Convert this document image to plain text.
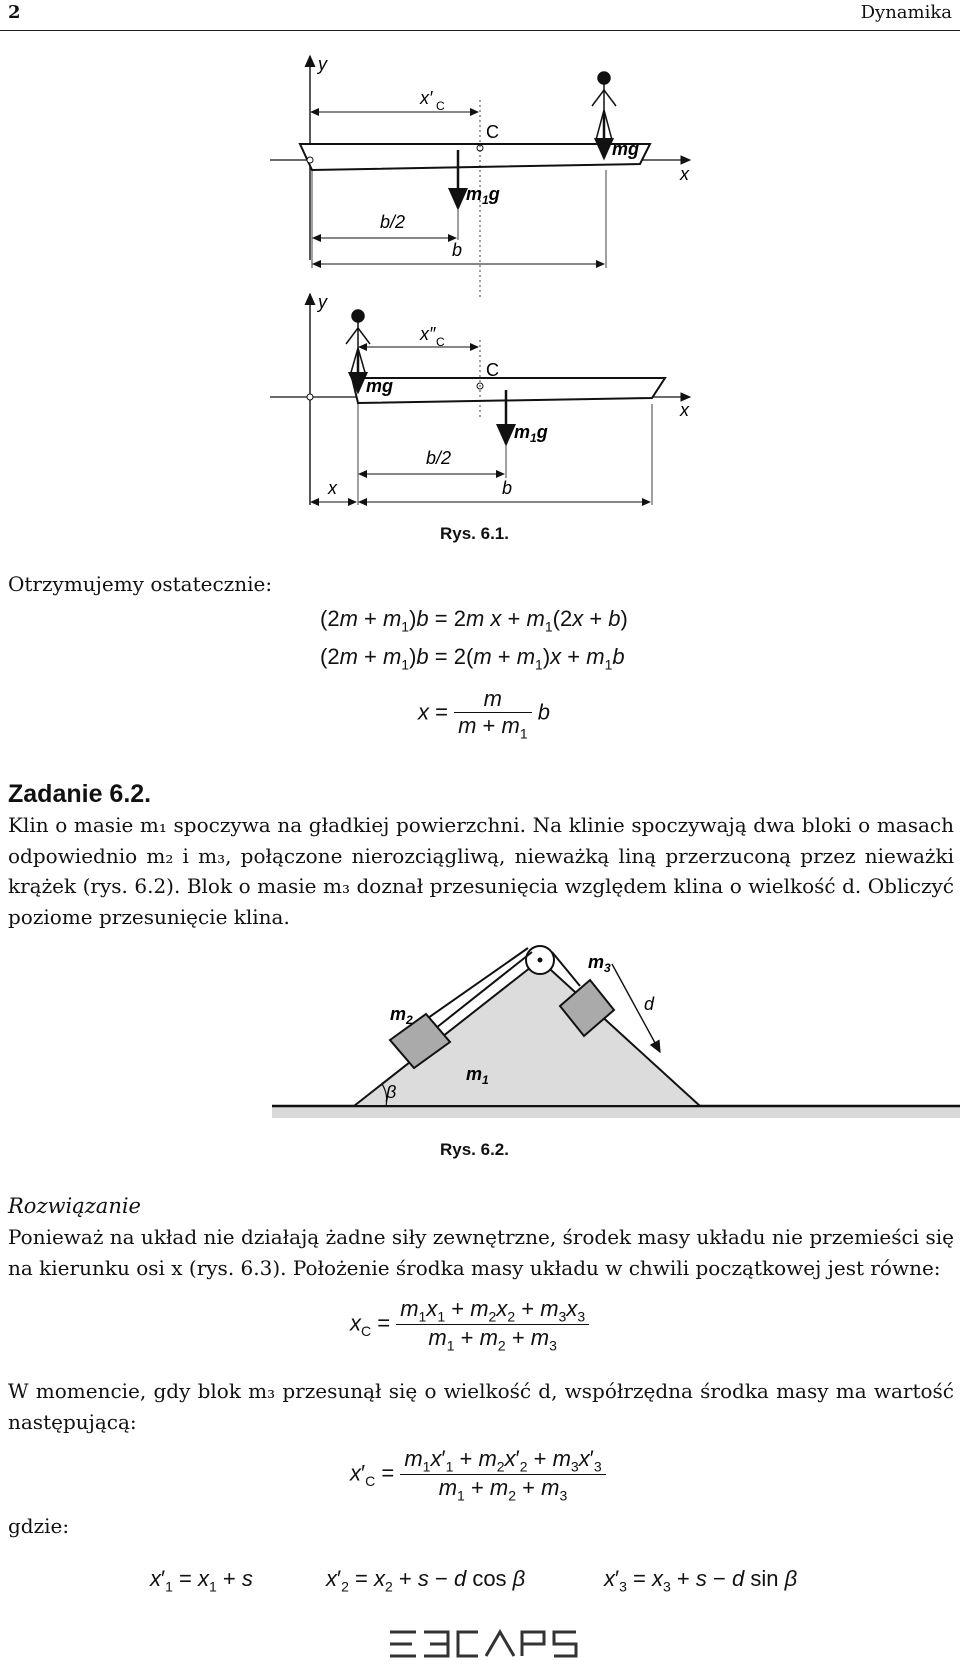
2	Dynamika
y
x
C
x′ C
mg
$m_1g$
b/2
b
y
x
C
x″ C
mg
$m_1g$
b/2
x	b
Rys. 6.1.
Otrzymujemy ostatecznie:
$(2m + m_1)b = 2m$ $x + m_1(2x + b)$
$(2m + m_1)b = 2(m + m_1)x + m_1b$
$x = \frac{m}{m + m_1}$ b
Zadanie 6.2.
Klin o masie m₁ spoczywa na gładkiej powierzchni. Na klinie spoczywają dwa bloki o masach odpowiednio m₂ i m₃, połączone nierozciągliwą, nieważką liną przerzuconą przez nieważki krążek (rys. 6.2). Blok o masie m₃ doznał przesunięcia względem klina o wielkość d. Obliczyć poziome przesunięcie klina.
d
$m_2$
$m_3$
$m_1$
β
Rys. 6.2.
Rozwiązanie
Ponieważ na układ nie działają żadne siły zewnętrzne, środek masy układu nie przemieści się na kierunku osi x (rys. 6.3). Położenie środka masy układu w chwili początkowej jest równe:
$x_C = \frac{m_1x_1 + m_2x_2 + m_3x_3}{m_1 + m_2 + m_3}$
W momencie, gdy blok m₃ przesunął się o wielkość d, współrzędna środka masy ma wartość następującą:
$x'_C = \frac{m_1x'_1 + m_2x'_2 + m_3x'_3}{m_1 + m_2 + m_3}$
gdzie:
$x'_1 = x_1 + s$	$x'_2 = x_2 + s - d$ cos β	$x'_3 = x_3 + s - d$ sin β
